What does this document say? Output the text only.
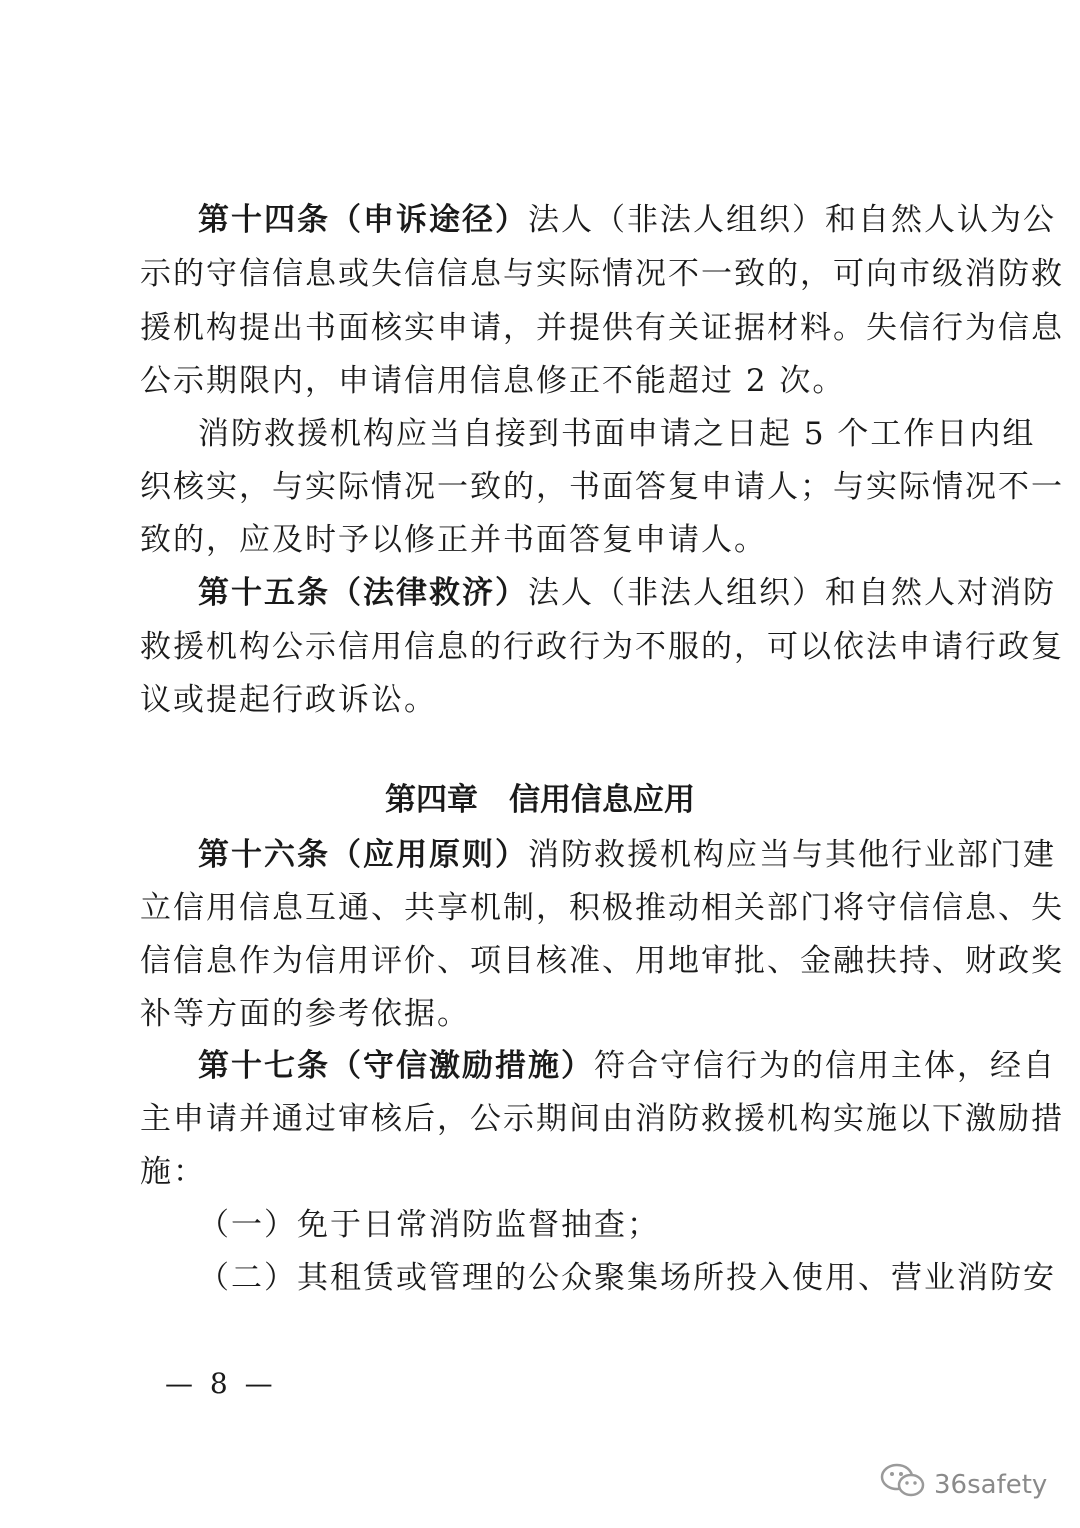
第十四条（申诉途径）法人（非法人组织）和自然人认为公
示的守信信息或失信信息与实际情况不一致的，可向市级消防救
援机构提出书面核实申请，并提供有关证据材料。失信行为信息
公示期限内，申请信用信息修正不能超过 2 次。
消防救援机构应当自接到书面申请之日起 5 个工作日内组
织核实，与实际情况一致的，书面答复申请人；与实际情况不一
致的，应及时予以修正并书面答复申请人。
第十五条（法律救济）法人（非法人组织）和自然人对消防
救援机构公示信用信息的行政行为不服的，可以依法申请行政复
议或提起行政诉讼。
第四章　信用信息应用
第十六条（应用原则）消防救援机构应当与其他行业部门建
立信用信息互通、共享机制，积极推动相关部门将守信信息、失
信信息作为信用评价、项目核准、用地审批、金融扶持、财政奖
补等方面的参考依据。
第十七条（守信激励措施）符合守信行为的信用主体，经自
主申请并通过审核后，公示期间由消防救援机构实施以下激励措
施：
（一）免于日常消防监督抽查；
（二）其租赁或管理的公众聚集场所投入使用、营业消防安
— 8 —
36safety
